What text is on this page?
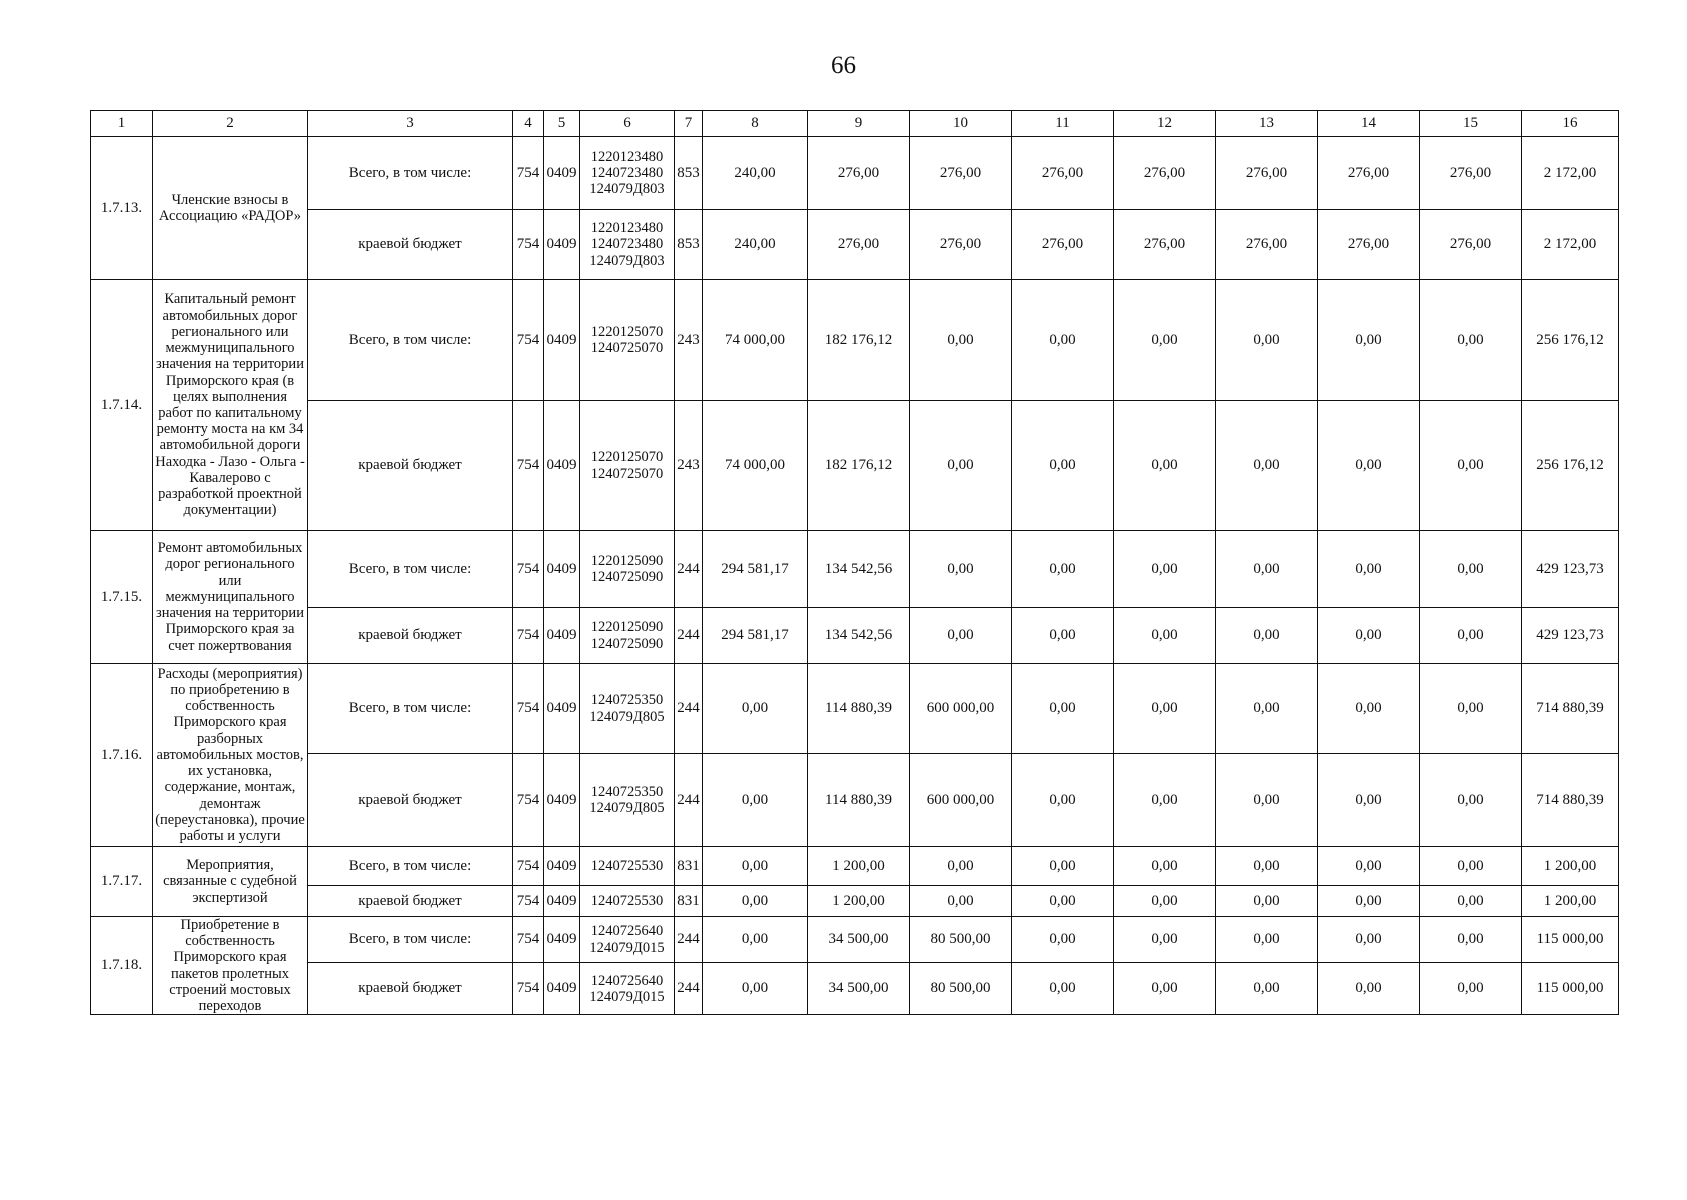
66
1	2	3	4	5	6	7	8	9	10	11	12	13	14	15	16
1.7.13.	Членские взносы в Ассоциацию «РАДОР»	Всего, в том числе:	754	0409	1220123480 1240723480 124079Д803	853	240,00	276,00	276,00	276,00	276,00	276,00	276,00	276,00	2 172,00
		краевой бюджет	754	0409	1220123480 1240723480 124079Д803	853	240,00	276,00	276,00	276,00	276,00	276,00	276,00	276,00	2 172,00
1.7.14.	Капитальный ремонт автомобильных дорог регионального или межмуниципального значения на территории Приморского края (в целях выполнения работ по капитальному ремонту моста на км 34 автомобильной дороги Находка - Лазо - Ольга - Кавалерово с разработкой проектной документации)	Всего, в том числе:	754	0409	1220125070 1240725070	243	74 000,00	182 176,12	0,00	0,00	0,00	0,00	0,00	0,00	256 176,12
		краевой бюджет	754	0409	1220125070 1240725070	243	74 000,00	182 176,12	0,00	0,00	0,00	0,00	0,00	0,00	256 176,12
1.7.15.	Ремонт автомобильных дорог регионального или межмуниципального значения на территории Приморского края за счет пожертвования	Всего, в том числе:	754	0409	1220125090 1240725090	244	294 581,17	134 542,56	0,00	0,00	0,00	0,00	0,00	0,00	429 123,73
		краевой бюджет	754	0409	1220125090 1240725090	244	294 581,17	134 542,56	0,00	0,00	0,00	0,00	0,00	0,00	429 123,73
1.7.16.	Расходы (мероприятия) по приобретению в собственность Приморского края разборных автомобильных мостов, их установка, содержание, монтаж, демонтаж (переустановка), прочие работы и услуги	Всего, в том числе:	754	0409	1240725350 124079Д805	244	0,00	114 880,39	600 000,00	0,00	0,00	0,00	0,00	0,00	714 880,39
		краевой бюджет	754	0409	1240725350 124079Д805	244	0,00	114 880,39	600 000,00	0,00	0,00	0,00	0,00	0,00	714 880,39
1.7.17.	Мероприятия, связанные с судебной экспертизой	Всего, в том числе:	754	0409	1240725530	831	0,00	1 200,00	0,00	0,00	0,00	0,00	0,00	0,00	1 200,00
		краевой бюджет	754	0409	1240725530	831	0,00	1 200,00	0,00	0,00	0,00	0,00	0,00	0,00	1 200,00
1.7.18.	Приобретение в собственность Приморского края пакетов пролетных строений мостовых переходов	Всего, в том числе:	754	0409	1240725640 124079Д015	244	0,00	34 500,00	80 500,00	0,00	0,00	0,00	0,00	0,00	115 000,00
		краевой бюджет	754	0409	1240725640 124079Д015	244	0,00	34 500,00	80 500,00	0,00	0,00	0,00	0,00	0,00	115 000,00
